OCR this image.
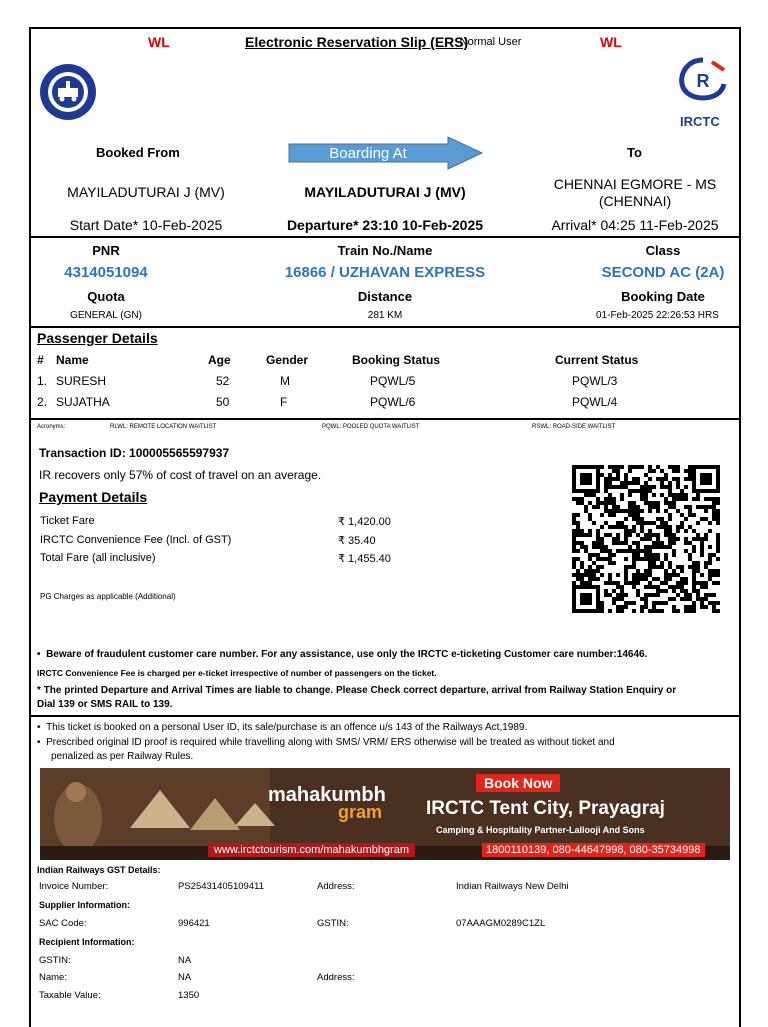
WL	Electronic Reservation Slip (ERS)
-Normal User	WL
R
IRCTC
Booked From	Boarding At	To
MAYILADUTURAI J (MV)	MAYILADUTURAI J (MV)	CHENNAI EGMORE - MS
(CHENNAI)
Start Date* 10-Feb-2025	Departure* 23:10 10-Feb-2025	Arrival* 04:25 11-Feb-2025
PNR	Train No./Name	Class
4314051094	16866 / UZHAVAN EXPRESS	SECOND AC (2A)
Quota	Distance	Booking Date
GENERAL (GN)	281 KM	01-Feb-2025 22:26:53 HRS
Passenger Details
# Name	Age	Gender	Booking Status	Current Status
1. SURESH	52	M	PQWL/5	PQWL/3
2. SUJATHA	50	F	PQWL/6	PQWL/4
Acronyms:	RLWL: REMOTE LOCATION WAITLIST	PQWL: POOLED QUOTA WAITLIST	RSWL: ROAD-SIDE WAITLIST
Transaction ID: 100005565597937
IR recovers only 57% of cost of travel on an average.
Payment Details
Ticket Fare	₹ 1,420.00
IRCTC Convenience Fee (Incl. of GST)	₹ 35.40
Total Fare (all inclusive)	₹ 1,455.40
PG Charges as applicable (Additional)
•  Beware of fraudulent customer care number. For any assistance, use only the IRCTC e-ticketing Customer care number:14646.
IRCTC Convenience Fee is charged per e-ticket irrespective of number of passengers on the ticket.
* The printed Departure and Arrival Times are liable to change. Please Check correct departure, arrival from Railway Station Enquiry or
Dial 139 or SMS RAIL to 139.
•  This ticket is booked on a personal User ID, its sale/purchase is an offence u/s 143 of the Railways Act,1989.
•  Prescribed original ID proof is required while travelling along with SMS/ VRM/ ERS otherwise will be treated as without ticket and
penalized as per Railway Rules.
mahakumbh
gram
Book Now
IRCTC Tent City, Prayagraj
Camping & Hospitality Partner-Lallooji And Sons
www.irctctourism.com/mahakumbhgram	1800110139, 080-44647998, 080-35734998
Indian Railways GST Details:
Invoice Number:	PS25431405109411	Address:	Indian Railways New Delhi
Supplier Information:
SAC Code:	996421	GSTIN:	07AAAGM0289C1ZL
Recipient Information:
GSTIN:	NA
Name:	NA	Address:
Taxable Value:	1350
